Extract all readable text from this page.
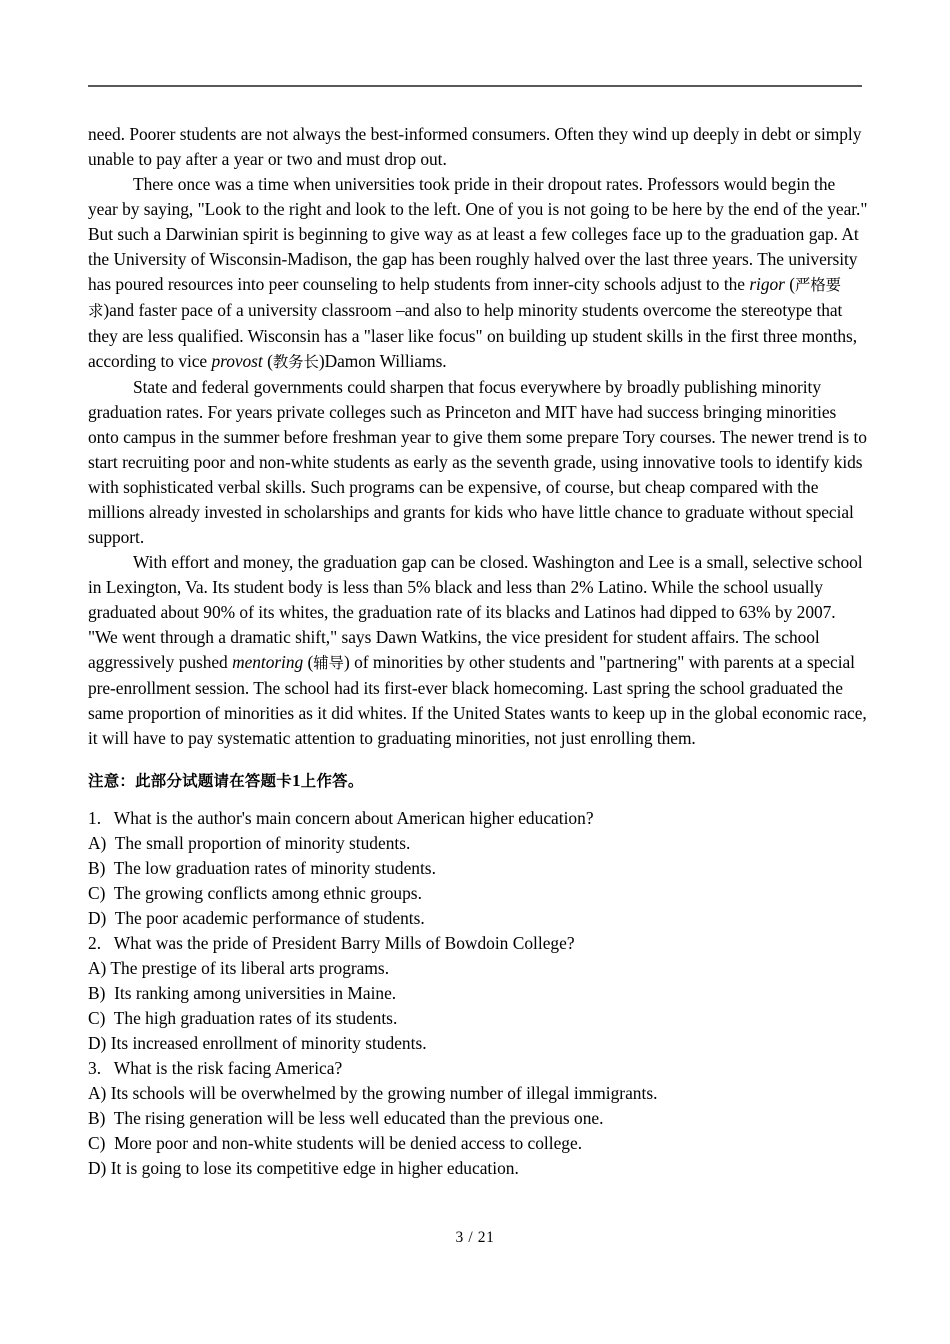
need. Poorer students are not always the best-informed consumers. Often they wind up deeply in debt or simply unable to pay after a year or two and must drop out.

There once was a time when universities took pride in their dropout rates. Professors would begin the year by saying, "Look to the right and look to the left. One of you is not going to be here by the end of the year." But such a Darwinian spirit is beginning to give way as at least a few colleges face up to the graduation gap. At the University of Wisconsin-Madison, the gap has been roughly halved over the last three years. The university has poured resources into peer counseling to help students from inner-city schools adjust to the rigor (严格要求)and faster pace of a university classroom –and also to help minority students overcome the stereotype that they are less qualified. Wisconsin has a "laser like focus" on building up student skills in the first three months, according to vice provost (教务长)Damon Williams.

State and federal governments could sharpen that focus everywhere by broadly publishing minority graduation rates. For years private colleges such as Princeton and MIT have had success bringing minorities onto campus in the summer before freshman year to give them some prepare Tory courses. The newer trend is to start recruiting poor and non-white students as early as the seventh grade, using innovative tools to identify kids with sophisticated verbal skills. Such programs can be expensive, of course, but cheap compared with the millions already invested in scholarships and grants for kids who have little chance to graduate without special support.

With effort and money, the graduation gap can be closed. Washington and Lee is a small, selective school in Lexington, Va. Its student body is less than 5% black and less than 2% Latino. While the school usually graduated about 90% of its whites, the graduation rate of its blacks and Latinos had dipped to 63% by 2007. "We went through a dramatic shift," says Dawn Watkins, the vice president for student affairs. The school aggressively pushed mentoring (辅导) of minorities by other students and "partnering" with parents at a special pre-enrollment session. The school had its first-ever black homecoming. Last spring the school graduated the same proportion of minorities as it did whites. If the United States wants to keep up in the global economic race, it will have to pay systematic attention to graduating minorities, not just enrolling them.

注意：此部分试题请在答题卡1上作答。

1.   What is the author's main concern about American higher education?

A)  The small proportion of minority students.

B)  The low graduation rates of minority students.

C)  The growing conflicts among ethnic groups.

D)  The poor academic performance of students.

2.   What was the pride of President Barry Mills of Bowdoin College?

A) The prestige of its liberal arts programs.

B)  Its ranking among universities in Maine.

C)  The high graduation rates of its students.

D) Its increased enrollment of minority students.

3.   What is the risk facing America?

A) Its schools will be overwhelmed by the growing number of illegal immigrants.

B)  The rising generation will be less well educated than the previous one.

C)  More poor and non-white students will be denied access to college.

D) It is going to lose its competitive edge in higher education.

3 / 21
